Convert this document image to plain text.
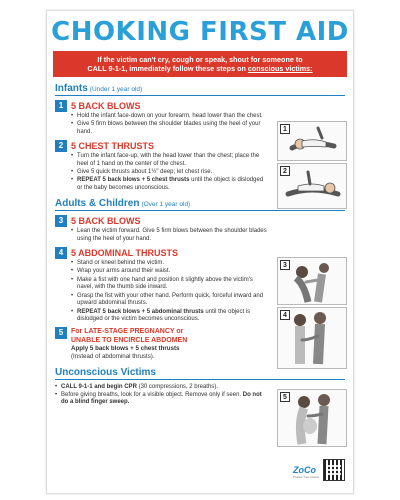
CHOKING FIRST AID
If the victim can't cry, cough or speak, shout for someone to
CALL 9-1-1, immediately follow these steps on conscious victims:
Infants (Under 1 year old)
1 5 BACK BLOWS
• Hold the infant face-down on your forearm, head lower than the chest.
• Give 5 firm blows between the shoulder blades using the heel of your hand.
2 5 CHEST THRUSTS
• Turn the infant face-up, with the head lower than the chest; place the heel of 1 hand on the center of the chest.
• Give 5 quick thrusts about 1½" deep; let chest rise.
• REPEAT 5 back blows + 5 chest thrusts until the object is dislodged or the baby becomes unconscious.
Adults & Children (Over 1 year old)
3 5 BACK BLOWS
• Lean the victim forward. Give 5 firm blows between the shoulder blades using the heel of your hand.
4 5 ABDOMINAL THRUSTS
• Stand or kneel behind the victim.
• Wrap your arms around their waist.
• Make a fist with one hand and position it slightly above the victim's navel, with the thumb side inward.
• Grasp the fist with your other hand. Perform quick, forceful inward and upward abdominal thrusts.
• REPEAT 5 back blows + 5 abdominal thrusts until the object is dislodged or the victim becomes unconscious.
5	For LATE-STAGE PREGNANCY or
UNABLE TO ENCIRCLE ABDOMEN
Apply 5 back blows + 5 chest thrusts
(Instead of abdominal thrusts).
Unconscious Victims
• CALL 9-1-1 and begin CPR (30 compressions, 2 breaths).
• Before giving breaths, look for a visible object. Remove only if seen. Do not do a blind finger sweep.
1
2
3
4
5
ZoCo
Protect Your Assets
